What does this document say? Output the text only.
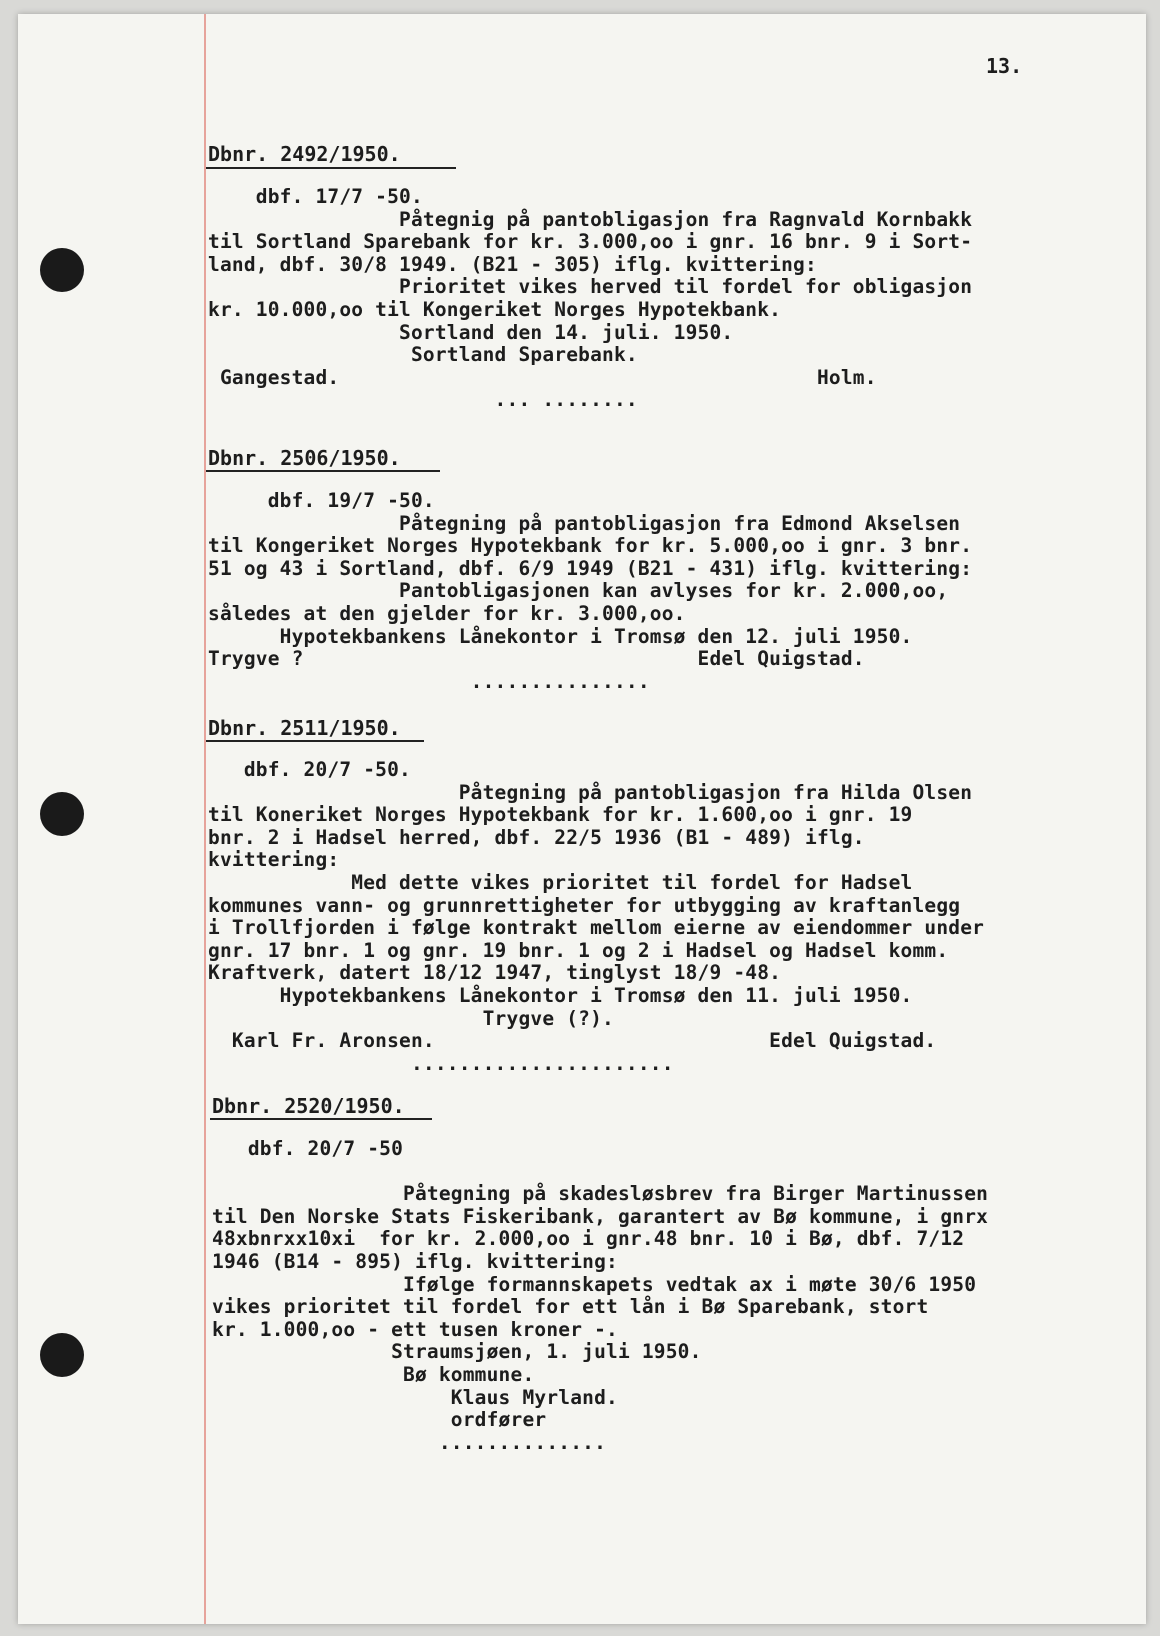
13.

Dbnr. 2492/1950.

dbf. 17/7 -50.
Påtegnig på pantobligasjon fra Ragnvald Kornbakk
til Sortland Sparebank for kr. 3.000,oo i gnr. 16 bnr. 9 i Sort-
land, dbf. 30/8 1949. (B21 - 305) iflg. kvittering:
Prioritet vikes herved til fordel for obligasjon
kr. 10.000,oo til Kongeriket Norges Hypotekbank.
Sortland den 14. juli. 1950.
Sortland Sparebank.
Gangestad.                                        Holm.
... ........

Dbnr. 2506/1950.

dbf. 19/7 -50.
Påtegning på pantobligasjon fra Edmond Akselsen
til Kongeriket Norges Hypotekbank for kr. 5.000,oo i gnr. 3 bnr.
51 og 43 i Sortland, dbf. 6/9 1949 (B21 - 431) iflg. kvittering:
Pantobligasjonen kan avlyses for kr. 2.000,oo,
således at den gjelder for kr. 3.000,oo.
Hypotekbankens Lånekontor i Tromsø den 12. juli 1950.
Trygve ?                                 Edel Quigstad.
...............

Dbnr. 2511/1950.

dbf. 20/7 -50.
Påtegning på pantobligasjon fra Hilda Olsen
til Koneriket Norges Hypotekbank for kr. 1.600,oo i gnr. 19
bnr. 2 i Hadsel herred, dbf. 22/5 1936 (B1 - 489) iflg.
kvittering:
Med dette vikes prioritet til fordel for Hadsel
kommunes vann- og grunnrettigheter for utbygging av kraftanlegg
i Trollfjorden i følge kontrakt mellom eierne av eiendommer under
gnr. 17 bnr. 1 og gnr. 19 bnr. 1 og 2 i Hadsel og Hadsel komm.
Kraftverk, datert 18/12 1947, tinglyst 18/9 -48.
Hypotekbankens Lånekontor i Tromsø den 11. juli 1950.
Trygve (?).
Karl Fr. Aronsen.                            Edel Quigstad.
......................

Dbnr. 2520/1950.

dbf. 20/7 -50

Påtegning på skadesløsbrev fra Birger Martinussen
til Den Norske Stats Fiskeribank, garantert av Bø kommune, i gnrx
48xbnrxx10xi  for kr. 2.000,oo i gnr.48 bnr. 10 i Bø, dbf. 7/12
1946 (B14 - 895) iflg. kvittering:
Ifølge formannskapets vedtak ax i møte 30/6 1950
vikes prioritet til fordel for ett lån i Bø Sparebank, stort
kr. 1.000,oo - ett tusen kroner -.
Straumsjøen, 1. juli 1950.
Bø kommune.
Klaus Myrland.
ordfører
..............
